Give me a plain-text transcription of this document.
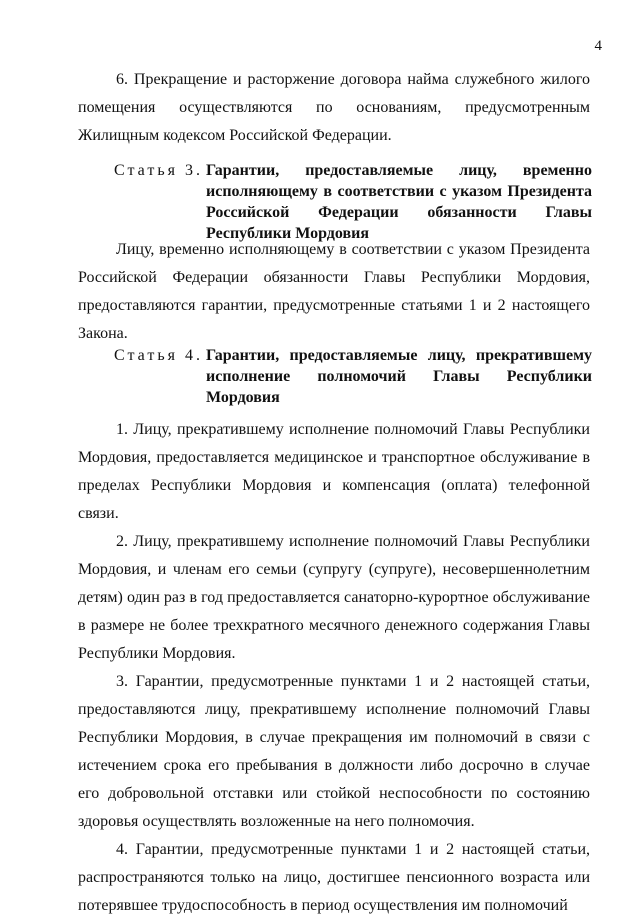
4

6. Прекращение и расторжение договора найма служебного жилого помещения осуществляются по основаниям, предусмотренным Жилищным кодексом Российской Федерации.

Статья 3. Гарантии, предоставляемые лицу, временно исполняющему в соответствии с указом Президента Российской Федерации обязанности Главы Республики Мордовия

Лицу, временно исполняющему в соответствии с указом Президента Российской Федерации обязанности Главы Республики Мордовия, предоставляются гарантии, предусмотренные статьями 1 и 2 настоящего Закона.

Статья 4. Гарантии, предоставляемые лицу, прекратившему исполнение полномочий Главы Республики Мордовия

1. Лицу, прекратившему исполнение полномочий Главы Республики Мордовия, предоставляется медицинское и транспортное обслуживание в пределах Республики Мордовия и компенсация (оплата) телефонной связи.

2. Лицу, прекратившему исполнение полномочий Главы Республики Мордовия, и членам его семьи (супругу (супруге), несовершеннолетним детям) один раз в год предоставляется санаторно-курортное обслуживание в размере не более трехкратного месячного денежного содержания Главы Республики Мордовия.

3. Гарантии, предусмотренные пунктами 1 и 2 настоящей статьи, предоставляются лицу, прекратившему исполнение полномочий Главы Республики Мордовия, в случае прекращения им полномочий в связи с истечением срока его пребывания в должности либо досрочно в случае его добровольной отставки или стойкой неспособности по состоянию здоровья осуществлять возложенные на него полномочия.

4. Гарантии, предусмотренные пунктами 1 и 2 настоящей статьи, распространяются только на лицо, достигшее пенсионного возраста или потерявшее трудоспособность в период осуществления им полномочий
